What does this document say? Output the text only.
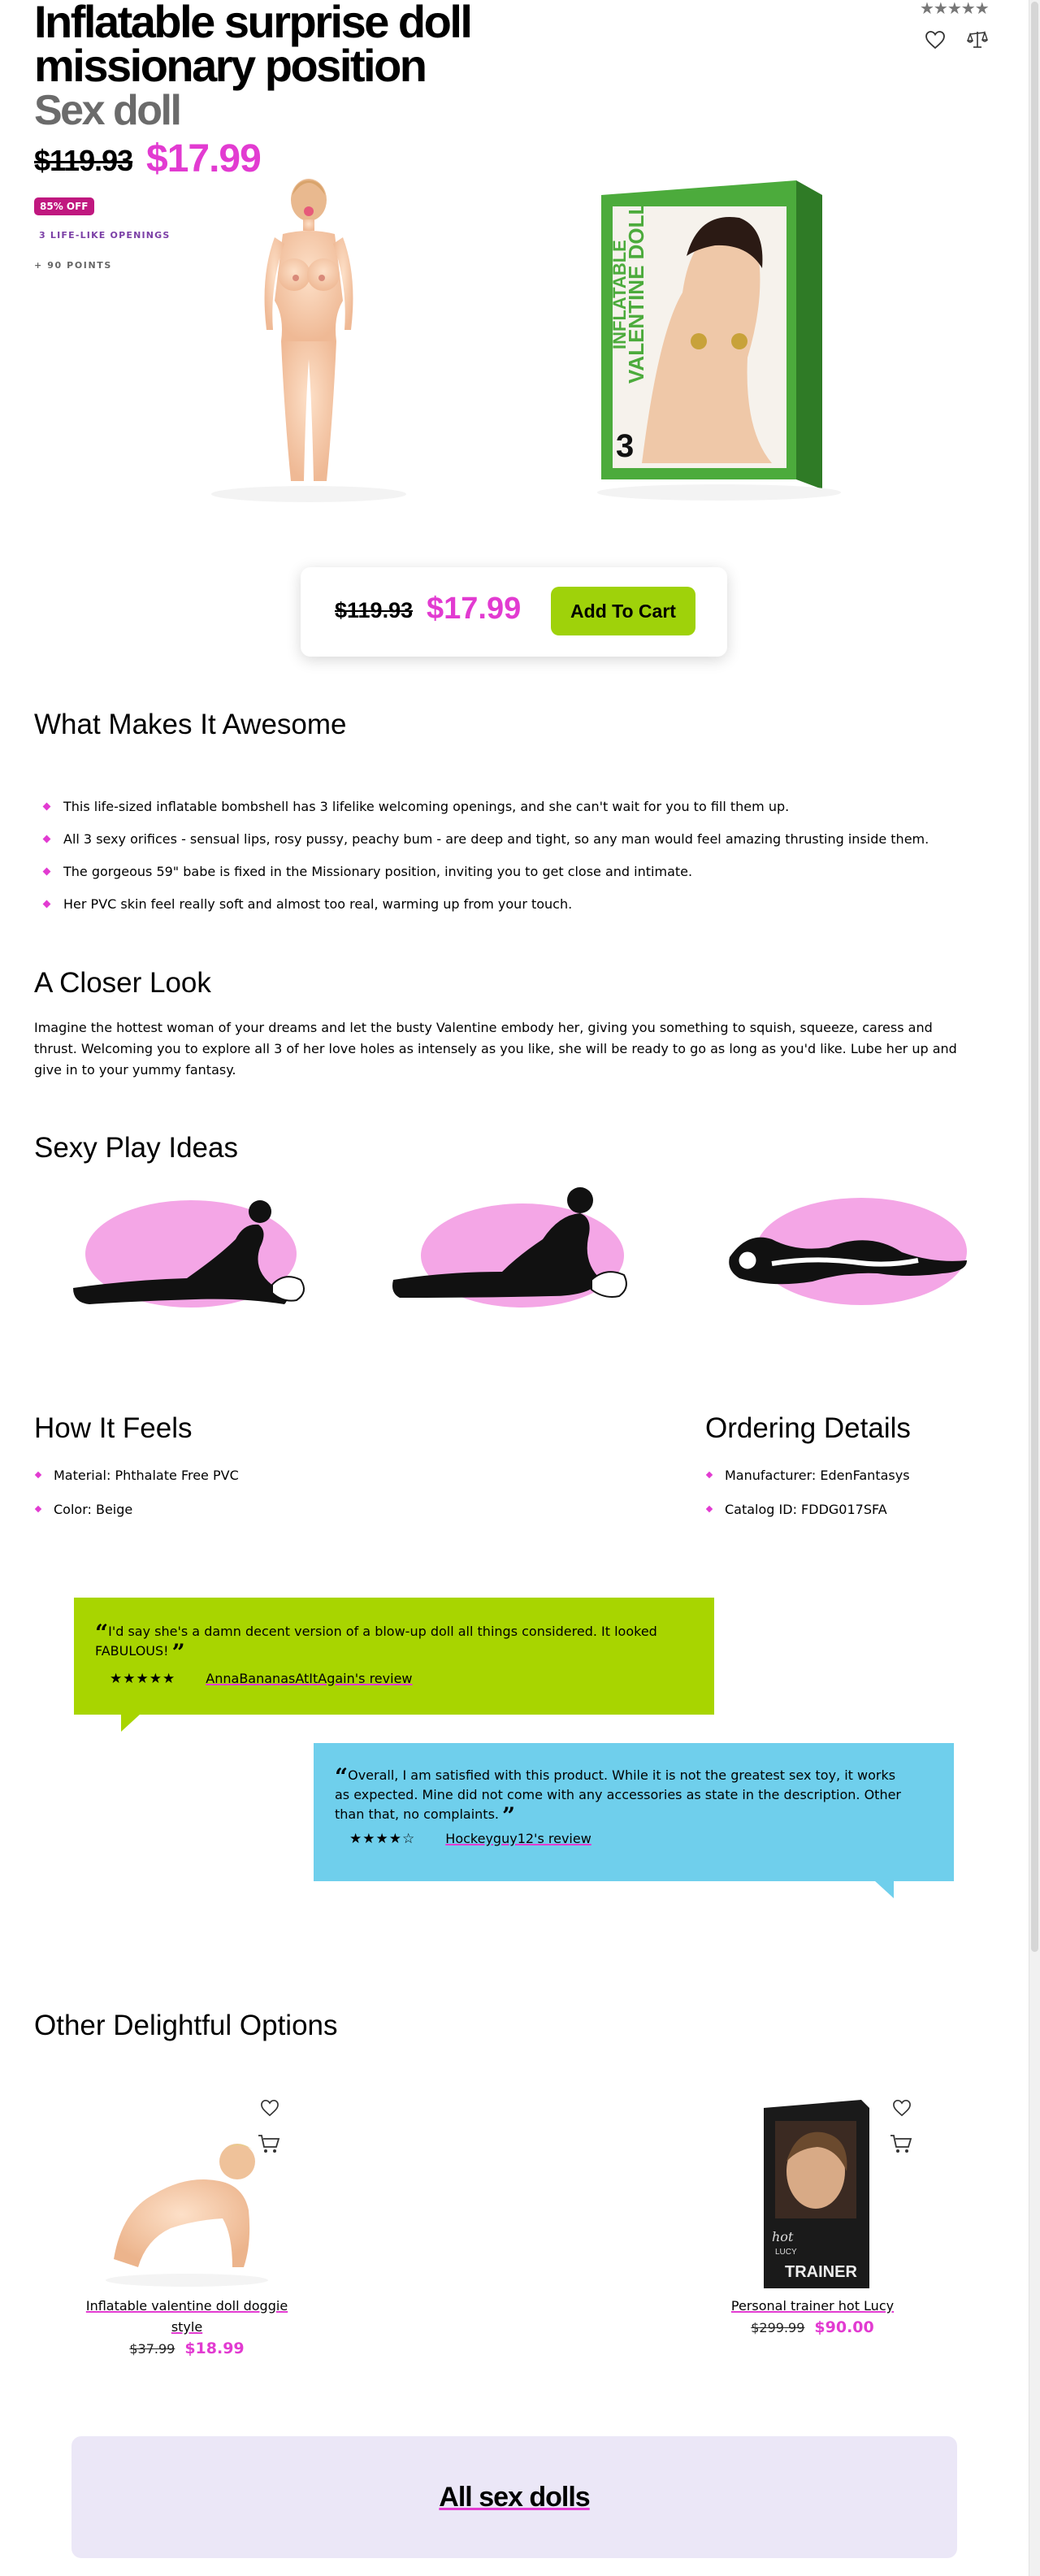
Inflatable surprise doll missionary position
Sex doll
$119.93 $17.99
85% OFF
3 LIFE-LIKE OPENINGS
+ 90 POINTS
★★★★★
INFLATABLE
VALENTINE DOLL
3
$119.93 $17.99	Add To Cart
What Makes It Awesome
This life-sized inflatable bombshell has 3 lifelike welcoming openings, and she can't wait for you to fill them up.
All 3 sexy orifices - sensual lips, rosy pussy, peachy bum - are deep and tight, so any man would feel amazing thrusting inside them.
The gorgeous 59" babe is fixed in the Missionary position, inviting you to get close and intimate.
Her PVC skin feel really soft and almost too real, warming up from your touch.
A Closer Look

Imagine the hottest woman of your dreams and let the busty Valentine embody her, giving you something to squish, squeeze, caress and thrust. Welcoming you to explore all 3 of her love holes as intensely as you like, she will be ready to go as long as you'd like. Lube her up and give in to your yummy fantasy.

Sexy Play Ideas
How It Feels
Material: Phthalate Free PVC
Color: Beige
Ordering Details
Manufacturer: EdenFantasys
Catalog ID: FDDG017SFA
“I'd say she's a damn decent version of a blow-up doll all things considered. It looked FABULOUS! ”
★★★★★ AnnaBananasAtItAgain's review
“Overall, I am satisfied with this product. While it is not the greatest sex toy, it works as expected. Mine did not come with any accessories as state in the description. Other than that, no complaints. ”
★★★★☆ Hockeyguy12's review
Other Delightful Options
Inflatable valentine doll doggie style
$37.99 $18.99
hot
LUCY
TRAINER
Personal trainer hot Lucy
$299.99 $90.00
All sex dolls
